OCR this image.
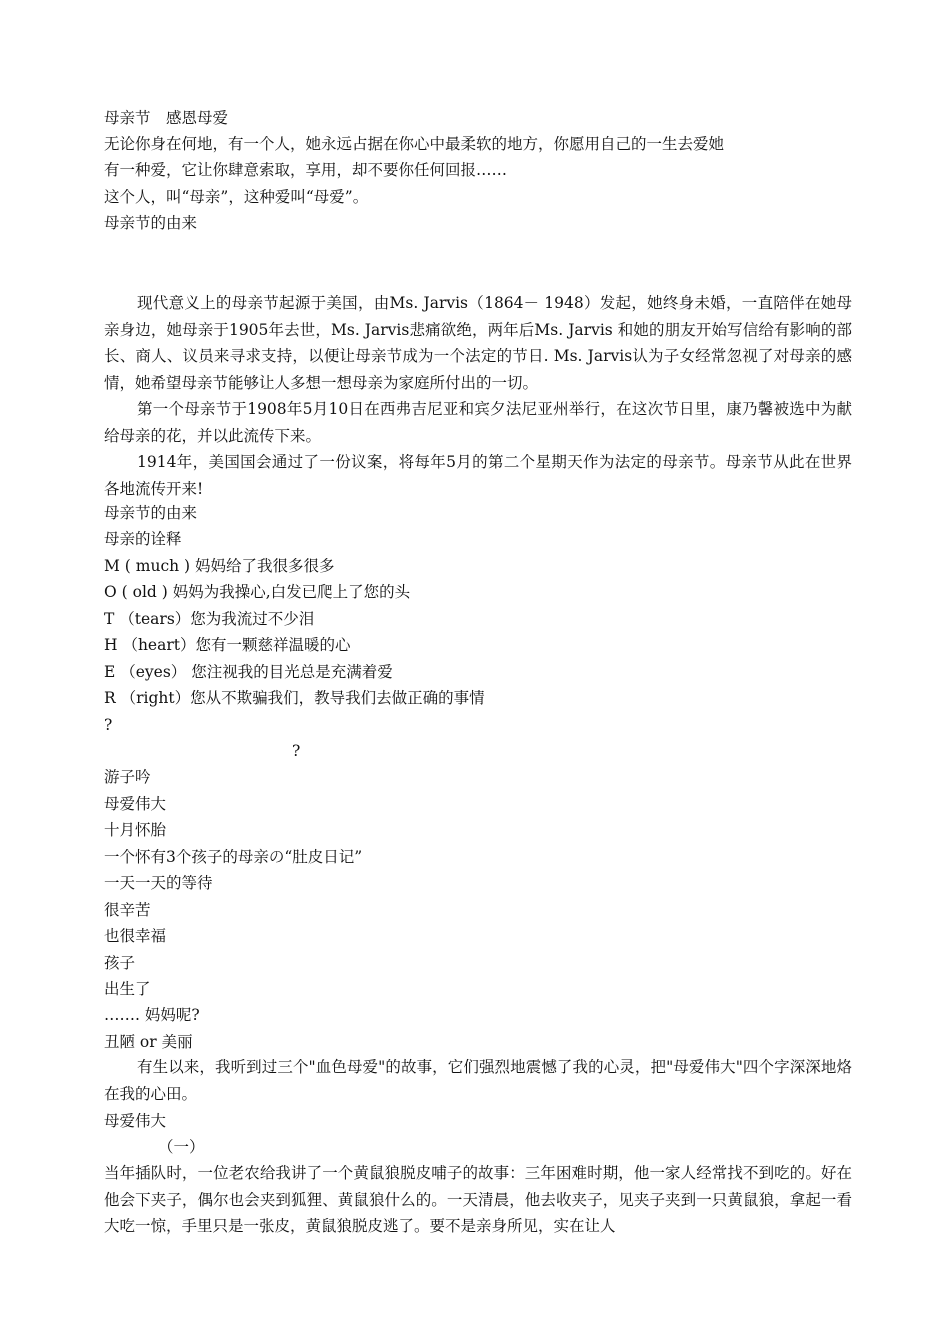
母亲节　感恩母爱
无论你身在何地，有一个人，她永远占据在你心中最柔软的地方，你愿用自己的一生去爱她
有一种爱，它让你肆意索取，享用，却不要你任何回报……
这个人，叫“母亲”，这种爱叫“母爱”。
母亲节的由来
现代意义上的母亲节起源于美国，由Ms. Jarvis（1864－ 1948）发起，她终身未婚，一直陪伴在她母亲身边，她母亲于1905年去世，Ms. Jarvis悲痛欲绝，两年后Ms. Jarvis 和她的朋友开始写信给有影响的部长、商人、议员来寻求支持，以便让母亲节成为一个法定的节日. Ms. Jarvis认为子女经常忽视了对母亲的感情，她希望母亲节能够让人多想一想母亲为家庭所付出的一切。
第一个母亲节于1908年5月10日在西弗吉尼亚和宾夕法尼亚州举行，在这次节日里，康乃馨被选中为献给母亲的花，并以此流传下来。
1914年，美国国会通过了一份议案，将每年5月的第二个星期天作为法定的母亲节。母亲节从此在世界各地流传开来!
母亲节的由来
母亲的诠释
M ( much ) 妈妈给了我很多很多
O ( old ) 妈妈为我操心,白发已爬上了您的头
T （tears）您为我流过不少泪
H （heart）您有一颗慈祥温暖的心
E （eyes） 您注视我的目光总是充满着爱
R （right）您从不欺骗我们，教导我们去做正确的事情
?
?
游子吟
母爱伟大
十月怀胎
一个怀有3个孩子的母亲の“肚皮日记”
一天一天的等待
很辛苦
也很幸福
孩子
出生了
……. 妈妈呢?
丑陋 or 美丽
有生以来，我听到过三个"血色母爱"的故事，它们强烈地震憾了我的心灵，把"母爱伟大"四个字深深地烙在我的心田。
母爱伟大
（一）
当年插队时，一位老农给我讲了一个黄鼠狼脱皮哺子的故事：三年困难时期，他一家人经常找不到吃的。好在他会下夹子，偶尔也会夹到狐狸、黄鼠狼什么的。一天清晨，他去收夹子，见夹子夹到一只黄鼠狼，拿起一看大吃一惊，手里只是一张皮，黄鼠狼脱皮逃了。要不是亲身所见，实在让人
